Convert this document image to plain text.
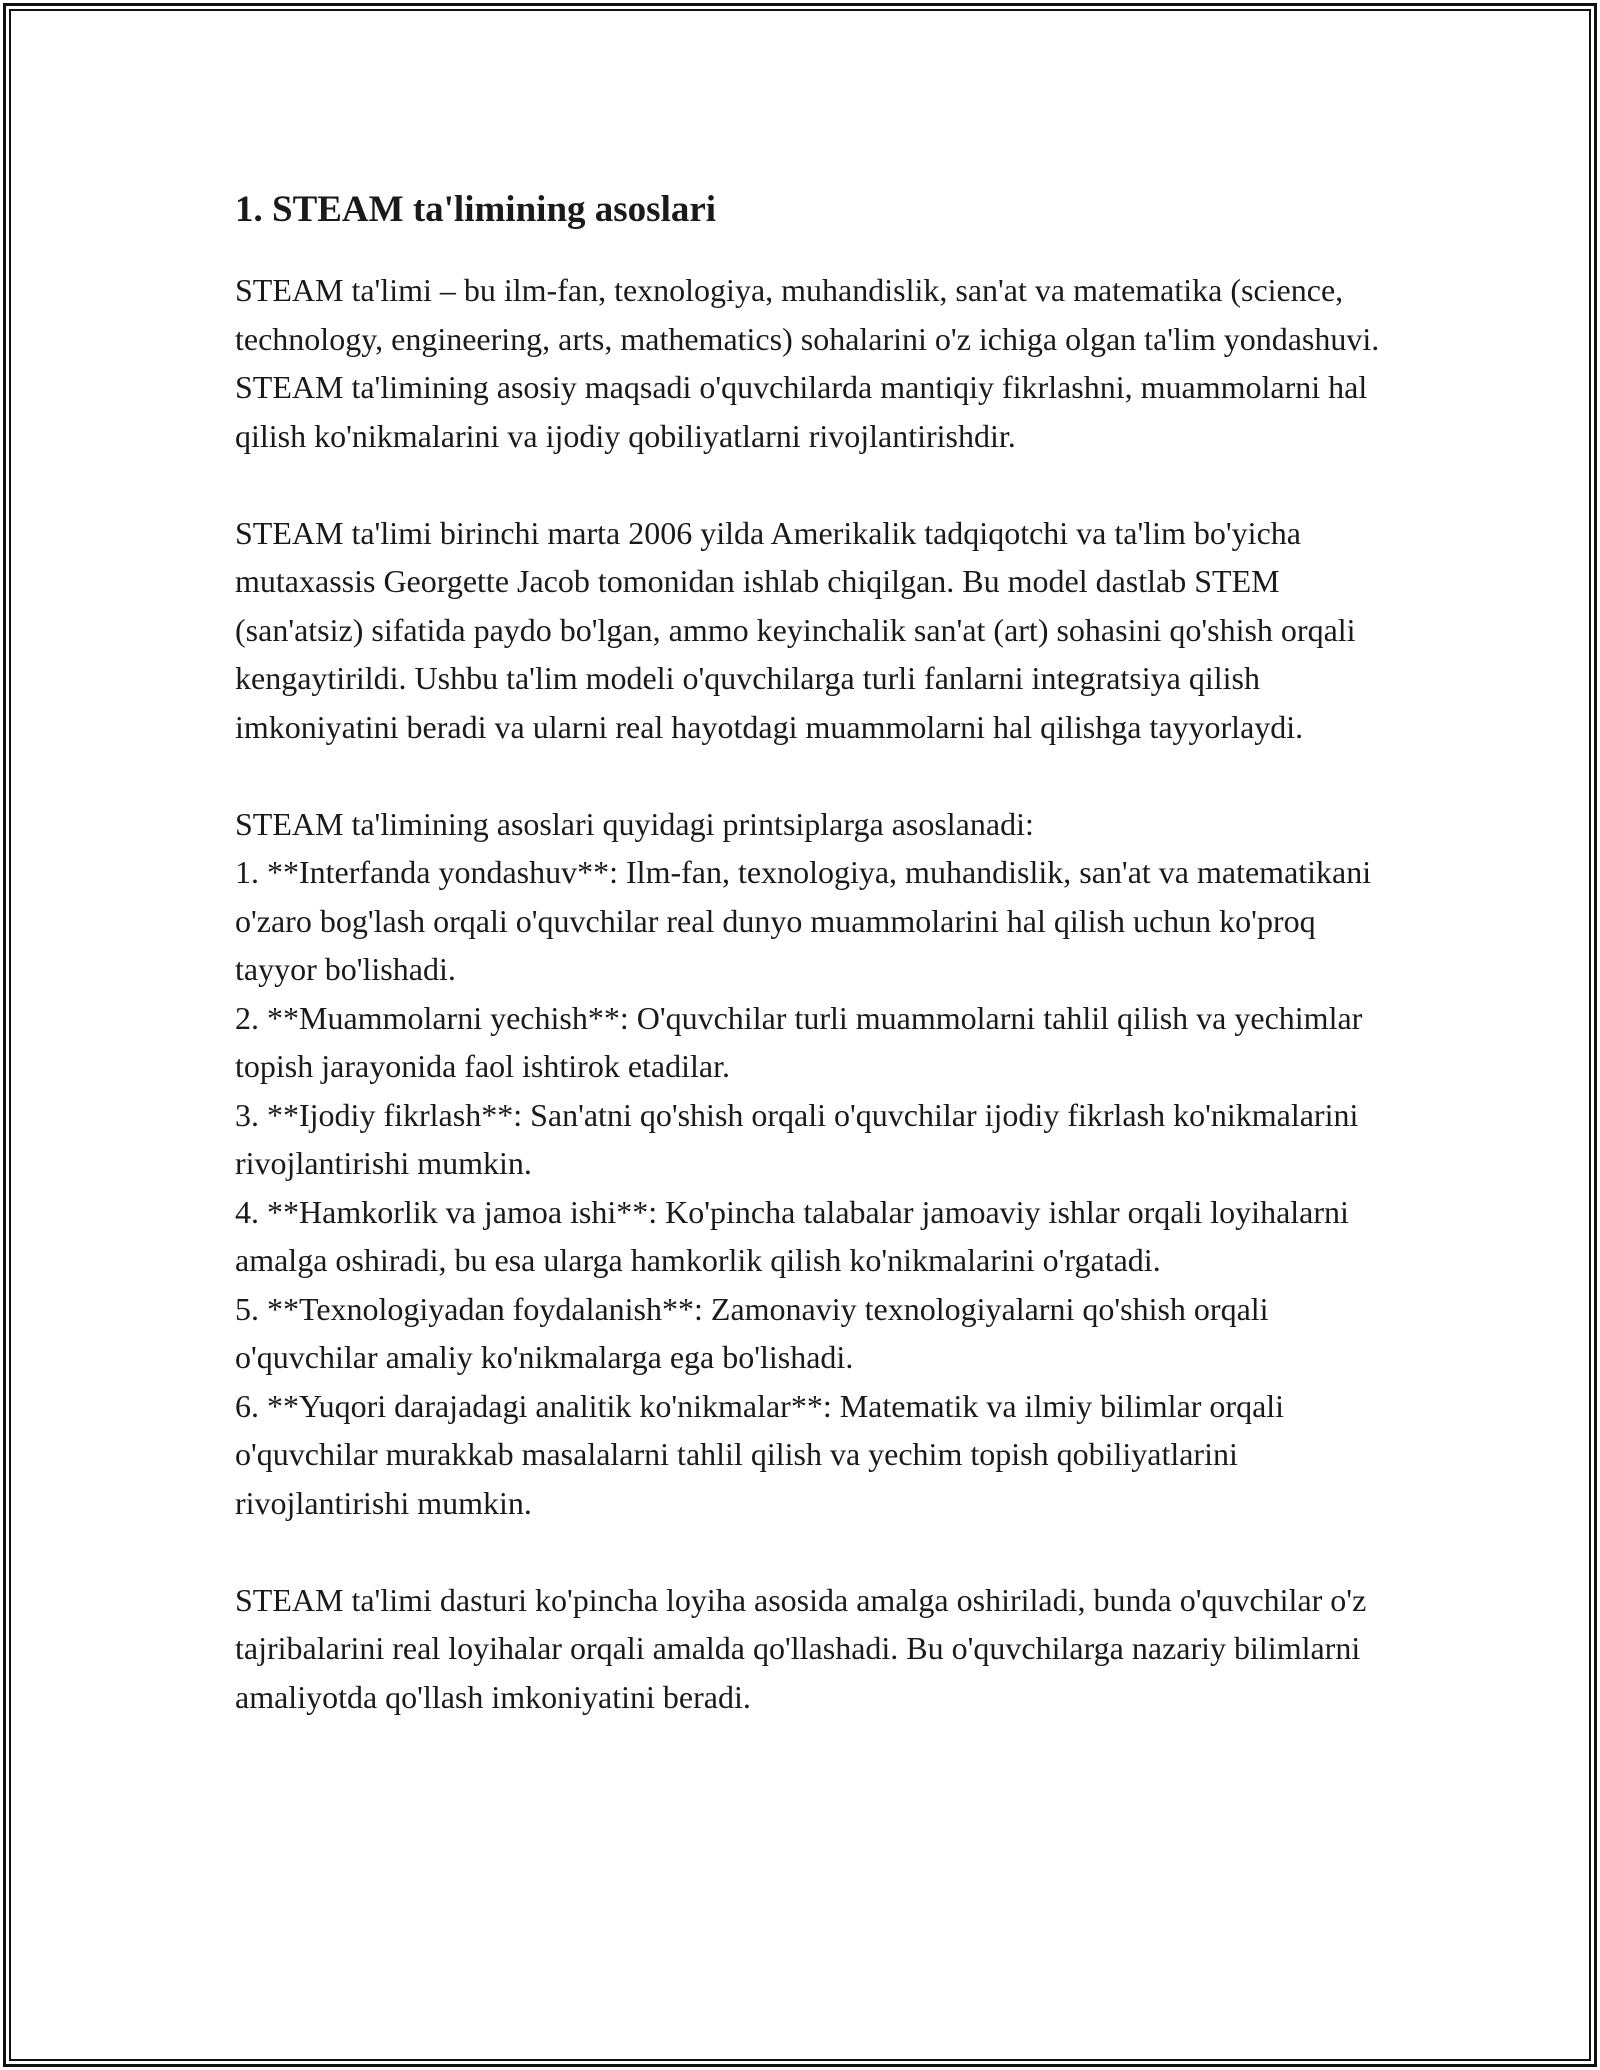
1. STEAM ta'limining asoslari

STEAM ta'limi – bu ilm-fan, texnologiya, muhandislik, san'at va matematika (science, technology, engineering, arts, mathematics) sohalarini o'z ichiga olgan ta'lim yondashuvi. STEAM ta'limining asosiy maqsadi o'quvchilarda mantiqiy fikrlashni, muammolarni hal qilish ko'nikmalarini va ijodiy qobiliyatlarni rivojlantirishdir.

STEAM ta'limi birinchi marta 2006 yilda Amerikalik tadqiqotchi va ta'lim bo'yicha mutaxassis Georgette Jacob tomonidan ishlab chiqilgan. Bu model dastlab STEM (san'atsiz) sifatida paydo bo'lgan, ammo keyinchalik san'at (art) sohasini qo'shish orqali kengaytirildi. Ushbu ta'lim modeli o'quvchilarga turli fanlarni integratsiya qilish imkoniyatini beradi va ularni real hayotdagi muammolarni hal qilishga tayyorlaydi.

STEAM ta'limining asoslari quyidagi printsiplarga asoslanadi:

1. **Interfanda yondashuv**: Ilm-fan, texnologiya, muhandislik, san'at va matematikani o'zaro bog'lash orqali o'quvchilar real dunyo muammolarini hal qilish uchun ko'proq tayyor bo'lishadi.

2. **Muammolarni yechish**: O'quvchilar turli muammolarni tahlil qilish va yechimlar topish jarayonida faol ishtirok etadilar.

3. **Ijodiy fikrlash**: San'atni qo'shish orqali o'quvchilar ijodiy fikrlash ko'nikmalarini rivojlantirishi mumkin.

4. **Hamkorlik va jamoa ishi**: Ko'pincha talabalar jamoaviy ishlar orqali loyihalarni amalga oshiradi, bu esa ularga hamkorlik qilish ko'nikmalarini o'rgatadi.

5. **Texnologiyadan foydalanish**: Zamonaviy texnologiyalarni qo'shish orqali o'quvchilar amaliy ko'nikmalarga ega bo'lishadi.

6. **Yuqori darajadagi analitik ko'nikmalar**: Matematik va ilmiy bilimlar orqali o'quvchilar murakkab masalalarni tahlil qilish va yechim topish qobiliyatlarini rivojlantirishi mumkin.

STEAM ta'limi dasturi ko'pincha loyiha asosida amalga oshiriladi, bunda o'quvchilar o'z tajribalarini real loyihalar orqali amalda qo'llashadi. Bu o'quvchilarga nazariy bilimlarni amaliyotda qo'llash imkoniyatini beradi.
